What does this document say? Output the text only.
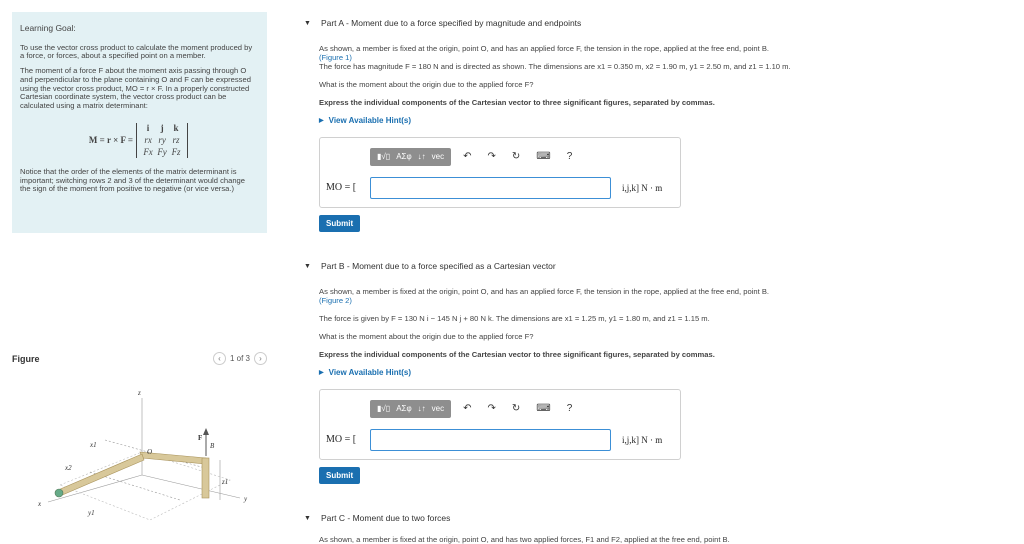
Learning Goal:

To use the vector cross product to calculate the moment produced by a force, or forces, about a specified point on a member.

The moment of a force F about the moment axis passing through O and perpendicular to the plane containing O and F can be expressed using the vector cross product, MO = r × F. In a properly constructed Cartesian coordinate system, the vector cross product can be calculated using a matrix determinant:

M = r × F =
i	j	k
rx ry rz
Fx Fy Fz

Notice that the order of the elements of the matrix determinant is important; switching rows 2 and 3 of the determinant would change the sign of the moment from positive to negative (or vice versa.)

Figure	‹	1 of 3	›
z
x
y
x1
x2
y1
z1
O
B
F
▼ Part A - Moment due to a force specified by magnitude and endpoints

As shown, a member is fixed at the origin, point O, and has an applied force F, the tension in the rope, applied at the free end, point B.

(Figure 1)

The force has magnitude F = 180 N and is directed as shown. The dimensions are x1 = 0.350 m, x2 = 1.90 m, y1 = 2.50 m, and z1 = 1.10 m.

What is the moment about the origin due to the applied force F?

Express the individual components of the Cartesian vector to three significant figures, separated by commas.

▶ View Available Hint(s)
▮√▯ ΑΣφ ↓↑ vec ↶ ↷ ↻ ⌨ ?
MO = [	i,j,k] N · m
Submit
▼ Part B - Moment due to a force specified as a Cartesian vector

As shown, a member is fixed at the origin, point O, and has an applied force F, the tension in the rope, applied at the free end, point B.

(Figure 2)

The force is given by F = 130 N i − 145 N j + 80 N k. The dimensions are x1 = 1.25 m, y1 = 1.80 m, and z1 = 1.15 m.

What is the moment about the origin due to the applied force F?

Express the individual components of the Cartesian vector to three significant figures, separated by commas.

▶ View Available Hint(s)
▮√▯ ΑΣφ ↓↑ vec ↶ ↷ ↻ ⌨ ?
MO = [	i,j,k] N · m
Submit
▼ Part C - Moment due to two forces

As shown, a member is fixed at the origin, point O, and has two applied forces, F1 and F2, applied at the free end, point B.
